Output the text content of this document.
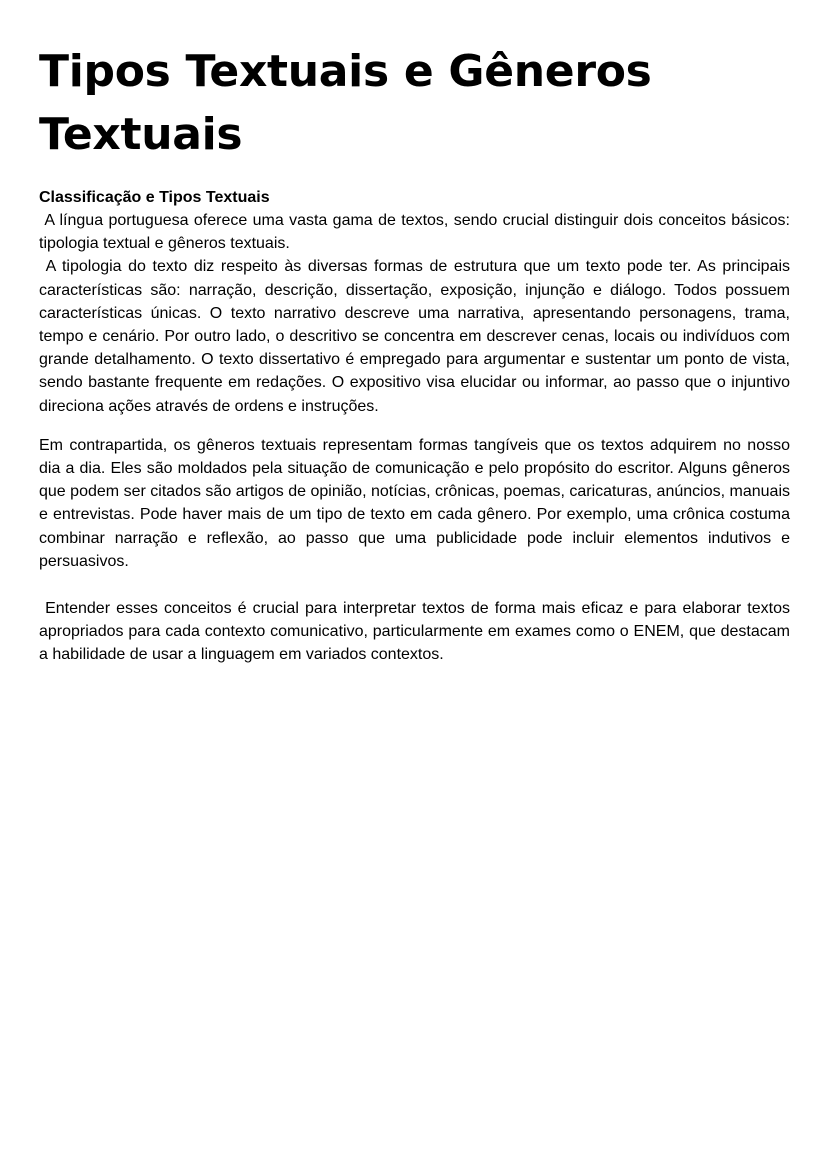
Tipos Textuais e Gêneros Textuais
Classificação e Tipos Textuais

A língua portuguesa oferece uma vasta gama de textos, sendo crucial distinguir dois conceitos básicos: tipologia textual e gêneros textuais.

A tipologia do texto diz respeito às diversas formas de estrutura que um texto pode ter. As principais características são: narração, descrição, dissertação, exposição, injunção e diálogo. Todos possuem características únicas. O texto narrativo descreve uma narrativa, apresentando personagens, trama, tempo e cenário. Por outro lado, o descritivo se concentra em descrever cenas, locais ou indivíduos com grande detalhamento. O texto dissertativo é empregado para argumentar e sustentar um ponto de vista, sendo bastante frequente em redações. O expositivo visa elucidar ou informar, ao passo que o injuntivo direciona ações através de ordens e instruções.

Em contrapartida, os gêneros textuais representam formas tangíveis que os textos adquirem no nosso dia a dia. Eles são moldados pela situação de comunicação e pelo propósito do escritor. Alguns gêneros que podem ser citados são artigos de opinião, notícias, crônicas, poemas, caricaturas, anúncios, manuais e entrevistas. Pode haver mais de um tipo de texto em cada gênero. Por exemplo, uma crônica costuma combinar narração e reflexão, ao passo que uma publicidade pode incluir elementos indutivos e persuasivos.

Entender esses conceitos é crucial para interpretar textos de forma mais eficaz e para elaborar textos apropriados para cada contexto comunicativo, particularmente em exames como o ENEM, que destacam a habilidade de usar a linguagem em variados contextos.
